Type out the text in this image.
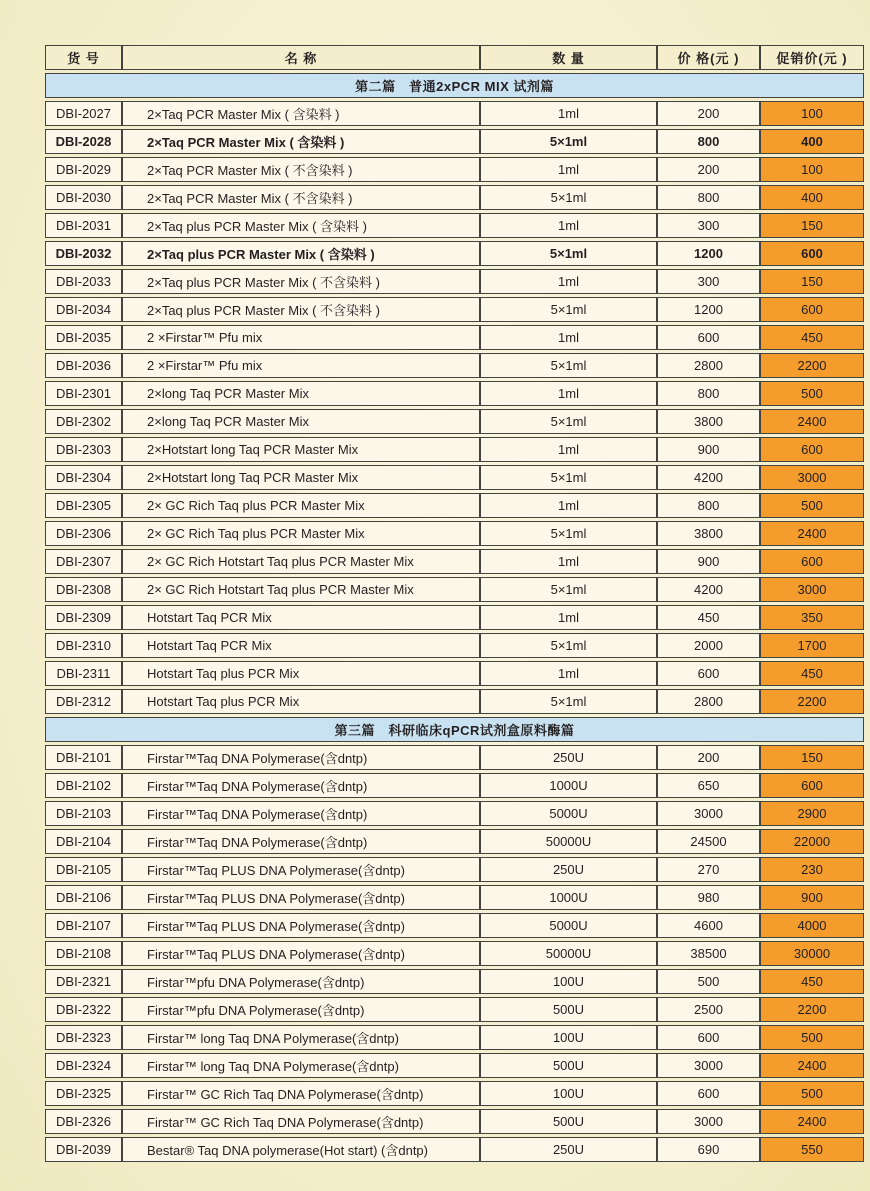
货 号	名 称	数 量	价 格(元 )	促销价(元 )
第二篇　普通2xPCR MIX 试剂篇				
DBI-2027	2×Taq PCR Master Mix ( 含染料 )	1ml	200	100
DBI-2028	2×Taq PCR Master Mix ( 含染料 )	5×1ml	800	400
DBI-2029	2×Taq PCR Master Mix ( 不含染料 )	1ml	200	100
DBI-2030	2×Taq PCR Master Mix ( 不含染料 )	5×1ml	800	400
DBI-2031	2×Taq plus PCR Master Mix ( 含染料 )	1ml	300	150
DBI-2032	2×Taq plus PCR Master Mix ( 含染料 )	5×1ml	1200	600
DBI-2033	2×Taq plus PCR Master Mix ( 不含染料 )	1ml	300	150
DBI-2034	2×Taq plus PCR Master Mix ( 不含染料 )	5×1ml	1200	600
DBI-2035	2 ×Firstar™ Pfu mix	1ml	600	450
DBI-2036	2 ×Firstar™ Pfu mix	5×1ml	2800	2200
DBI-2301	2×long Taq PCR Master Mix	1ml	800	500
DBI-2302	2×long Taq PCR Master Mix	5×1ml	3800	2400
DBI-2303	2×Hotstart long Taq PCR Master Mix	1ml	900	600
DBI-2304	2×Hotstart long Taq PCR Master Mix	5×1ml	4200	3000
DBI-2305	2× GC Rich Taq plus PCR Master Mix	1ml	800	500
DBI-2306	2× GC Rich Taq plus PCR Master Mix	5×1ml	3800	2400
DBI-2307	2× GC Rich Hotstart Taq plus PCR Master Mix	1ml	900	600
DBI-2308	2× GC Rich Hotstart Taq plus PCR Master Mix	5×1ml	4200	3000
DBI-2309	Hotstart Taq PCR Mix	1ml	450	350
DBI-2310	Hotstart Taq PCR Mix	5×1ml	2000	1700
DBI-2311	Hotstart Taq plus PCR Mix	1ml	600	450
DBI-2312	Hotstart Taq plus PCR Mix	5×1ml	2800	2200
第三篇　科研临床qPCR试剂盒原料酶篇				
DBI-2101	Firstar™Taq DNA Polymerase(含dntp)	250U	200	150
DBI-2102	Firstar™Taq DNA Polymerase(含dntp)	1000U	650	600
DBI-2103	Firstar™Taq DNA Polymerase(含dntp)	5000U	3000	2900
DBI-2104	Firstar™Taq DNA Polymerase(含dntp)	50000U	24500	22000
DBI-2105	Firstar™Taq PLUS DNA Polymerase(含dntp)	250U	270	230
DBI-2106	Firstar™Taq PLUS DNA Polymerase(含dntp)	1000U	980	900
DBI-2107	Firstar™Taq PLUS DNA Polymerase(含dntp)	5000U	4600	4000
DBI-2108	Firstar™Taq PLUS DNA Polymerase(含dntp)	50000U	38500	30000
DBI-2321	Firstar™pfu DNA Polymerase(含dntp)	100U	500	450
DBI-2322	Firstar™pfu DNA Polymerase(含dntp)	500U	2500	2200
DBI-2323	Firstar™ long Taq DNA Polymerase(含dntp)	100U	600	500
DBI-2324	Firstar™ long Taq DNA Polymerase(含dntp)	500U	3000	2400
DBI-2325	Firstar™ GC Rich Taq DNA Polymerase(含dntp)	100U	600	500
DBI-2326	Firstar™ GC Rich Taq DNA Polymerase(含dntp)	500U	3000	2400
DBI-2039	Bestar® Taq DNA polymerase(Hot start) (含dntp)	250U	690	550
